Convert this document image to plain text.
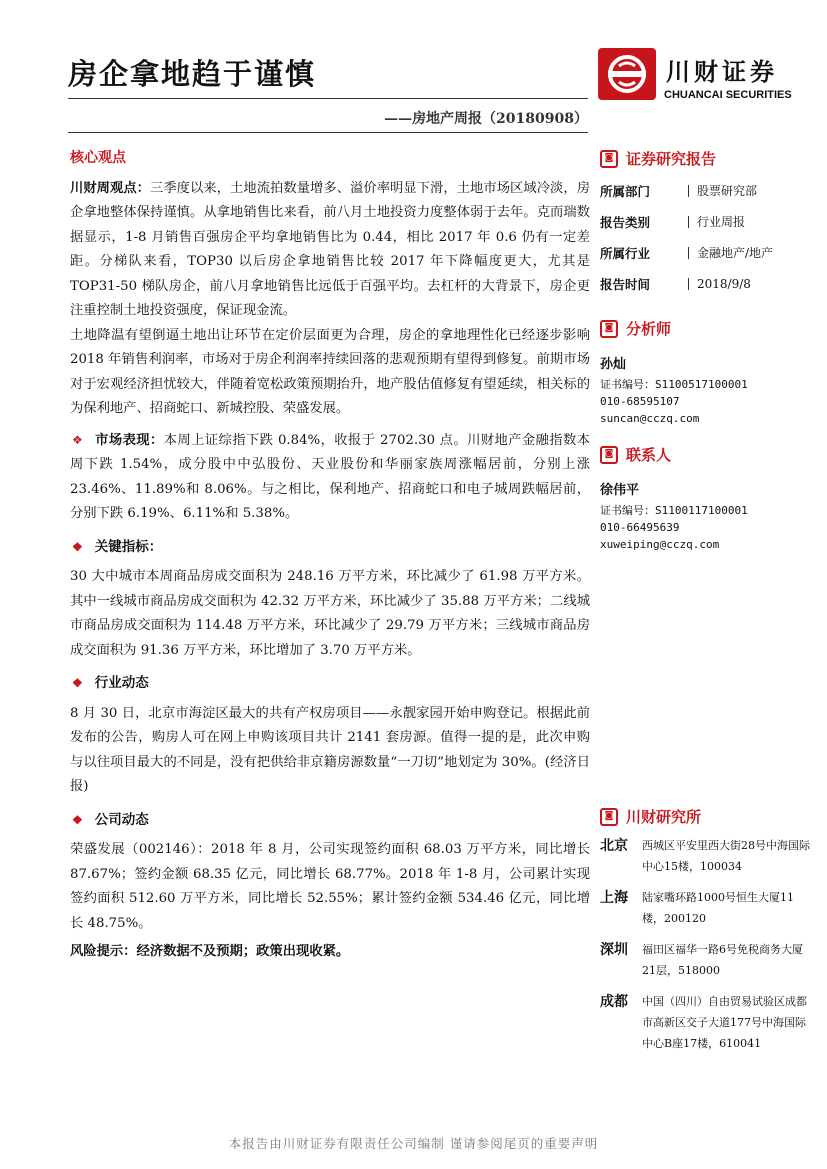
房企拿地趋于谨慎
——房地产周报（20180908）
川财证券
CHUANCAI SECURITIES
核心观点

川财周观点：三季度以来，土地流拍数量增多、溢价率明显下滑，土地市场区域冷淡，房企拿地整体保持谨慎。从拿地销售比来看，前八月土地投资力度整体弱于去年。克而瑞数据显示，1-8 月销售百强房企平均拿地销售比为 0.44，相比 2017 年 0.6 仍有一定差距。分梯队来看，TOP30 以后房企拿地销售比较 2017 年下降幅度更大，尤其是 TOP31-50 梯队房企，前八月拿地销售比远低于百强平均。去杠杆的大背景下，房企更注重控制土地投资强度，保证现金流。

土地降温有望倒逼土地出让环节在定价层面更为合理，房企的拿地理性化已经逐步影响 2018 年销售利润率，市场对于房企利润率持续回落的悲观预期有望得到修复。前期市场对于宏观经济担忧较大，伴随着宽松政策预期抬升，地产股估值修复有望延续，相关标的为保利地产、招商蛇口、新城控股、荣盛发展。

❖ 市场表现：本周上证综指下跌 0.84%，收报于 2702.30 点。川财地产金融指数本周下跌 1.54%，成分股中中弘股份、天业股份和华丽家族周涨幅居前，分别上涨 23.46%、11.89%和 8.06%。与之相比，保利地产、招商蛇口和电子城周跌幅居前，分别下跌 6.19%、6.11%和 5.38%。

❖ 关键指标：

30 大中城市本周商品房成交面积为 248.16 万平方米，环比减少了 61.98 万平方米。其中一线城市商品房成交面积为 42.32 万平方米，环比减少了 35.88 万平方米；二线城市商品房成交面积为 114.48 万平方米，环比减少了 29.79 万平方米；三线城市商品房成交面积为 91.36 万平方米，环比增加了 3.70 万平方米。

❖ 行业动态

8 月 30 日，北京市海淀区最大的共有产权房项目——永靓家园开始申购登记。根据此前发布的公告，购房人可在网上申购该项目共计 2141 套房源。值得一提的是，此次申购与以往项目最大的不同是，没有把供给非京籍房源数量“一刀切”地划定为 30%。(经济日报)

❖ 公司动态

荣盛发展（002146）：2018 年 8 月，公司实现签约面积 68.03 万平方米，同比增长 87.67%；签约金额 68.35 亿元，同比增长 68.77%。2018 年 1-8 月，公司累计实现签约面积 512.60 万平方米，同比增长 52.55%；累计签约金额 534.46 亿元，同比增长 48.75%。

风险提示：经济数据不及预期；政策出现收紧。

◙ 证券研究报告
所属部门	股票研究部
报告类别	行业周报
所属行业	金融地产/地产
报告时间	2018/9/8
◙ 分析师
孙灿
证书编号：S1100517100001
010-68595107
suncan@cczq.com
◙ 联系人
徐伟平
证书编号：S1100117100001
010-66495639
xuweiping@cczq.com
◙ 川财研究所
北京	西城区平安里西大街28号中海国际中心15楼，100034
上海	陆家嘴环路1000号恒生大厦11楼，200120
深圳	福田区福华一路6号免税商务大厦21层，518000
成都	中国（四川）自由贸易试验区成都市高新区交子大道177号中海国际中心B座17楼，610041
本报告由川财证券有限责任公司编制 谨请参阅尾页的重要声明
